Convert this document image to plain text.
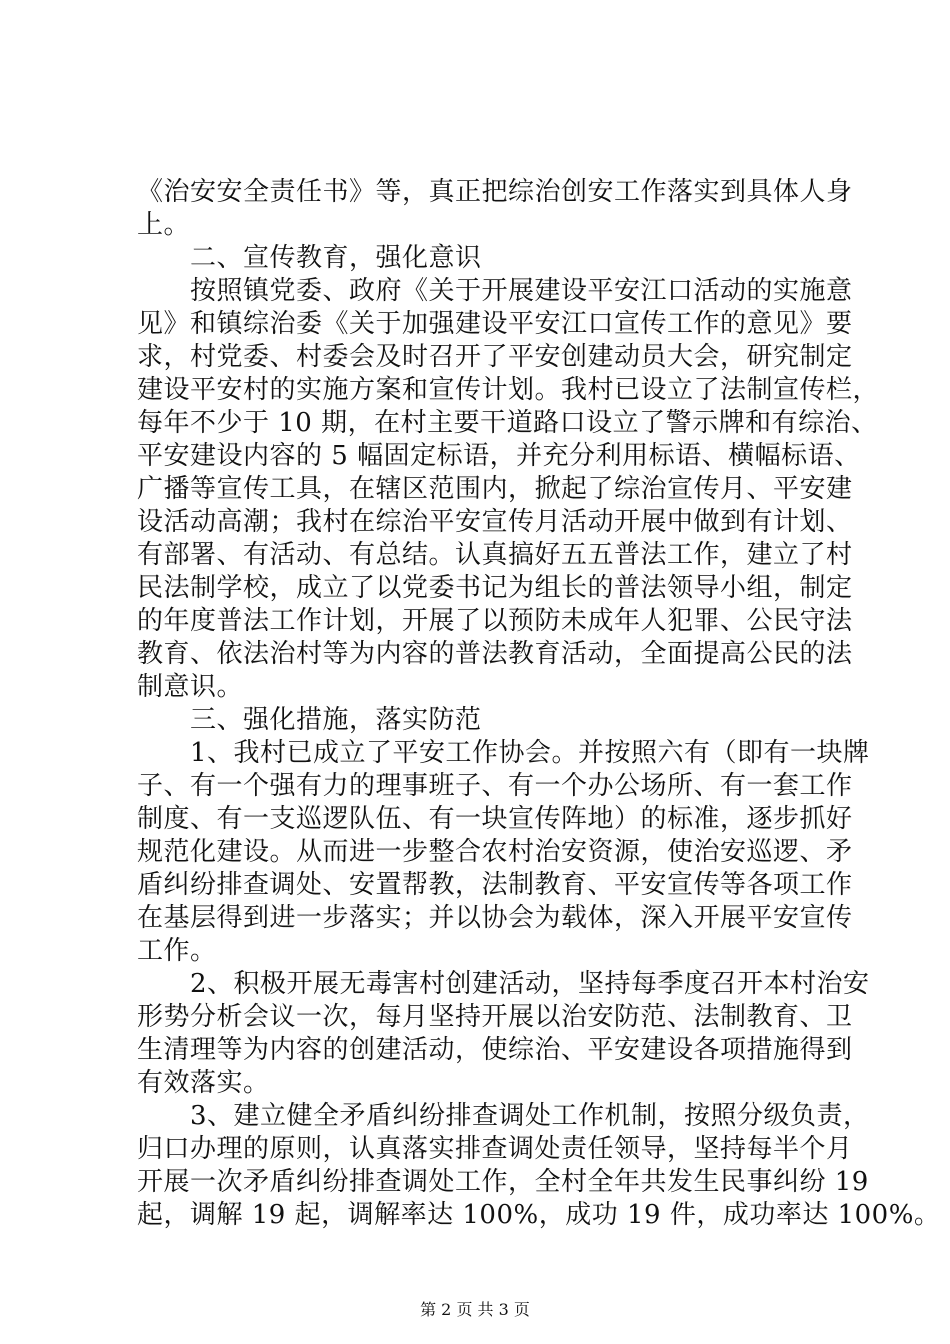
《治安安全责任书》等，真正把综治创安工作落实到具体人身
上。
　　二、宣传教育，强化意识
　　按照镇党委、政府《关于开展建设平安江口活动的实施意
见》和镇综治委《关于加强建设平安江口宣传工作的意见》要
求，村党委、村委会及时召开了平安创建动员大会，研究制定
建设平安村的实施方案和宣传计划。我村已设立了法制宣传栏，
每年不少于 10 期，在村主要干道路口设立了警示牌和有综治、
平安建设内容的 5 幅固定标语，并充分利用标语、横幅标语、
广播等宣传工具，在辖区范围内，掀起了综治宣传月、平安建
设活动高潮；我村在综治平安宣传月活动开展中做到有计划、
有部署、有活动、有总结。认真搞好五五普法工作，建立了村
民法制学校，成立了以党委书记为组长的普法领导小组，制定
的年度普法工作计划，开展了以预防未成年人犯罪、公民守法
教育、依法治村等为内容的普法教育活动，全面提高公民的法
制意识。
　　三、强化措施，落实防范
　　1、我村已成立了平安工作协会。并按照六有（即有一块牌
子、有一个强有力的理事班子、有一个办公场所、有一套工作
制度、有一支巡逻队伍、有一块宣传阵地）的标准，逐步抓好
规范化建设。从而进一步整合农村治安资源，使治安巡逻、矛
盾纠纷排查调处、安置帮教，法制教育、平安宣传等各项工作
在基层得到进一步落实；并以协会为载体，深入开展平安宣传
工作。
　　2、积极开展无毒害村创建活动，坚持每季度召开本村治安
形势分析会议一次，每月坚持开展以治安防范、法制教育、卫
生清理等为内容的创建活动，使综治、平安建设各项措施得到
有效落实。
　　3、建立健全矛盾纠纷排查调处工作机制，按照分级负责，
归口办理的原则，认真落实排查调处责任领导，坚持每半个月
开展一次矛盾纠纷排查调处工作，全村全年共发生民事纠纷 19
起，调解 19 起，调解率达 100%，成功 19 件，成功率达 100%。
第 2 页 共 3 页
